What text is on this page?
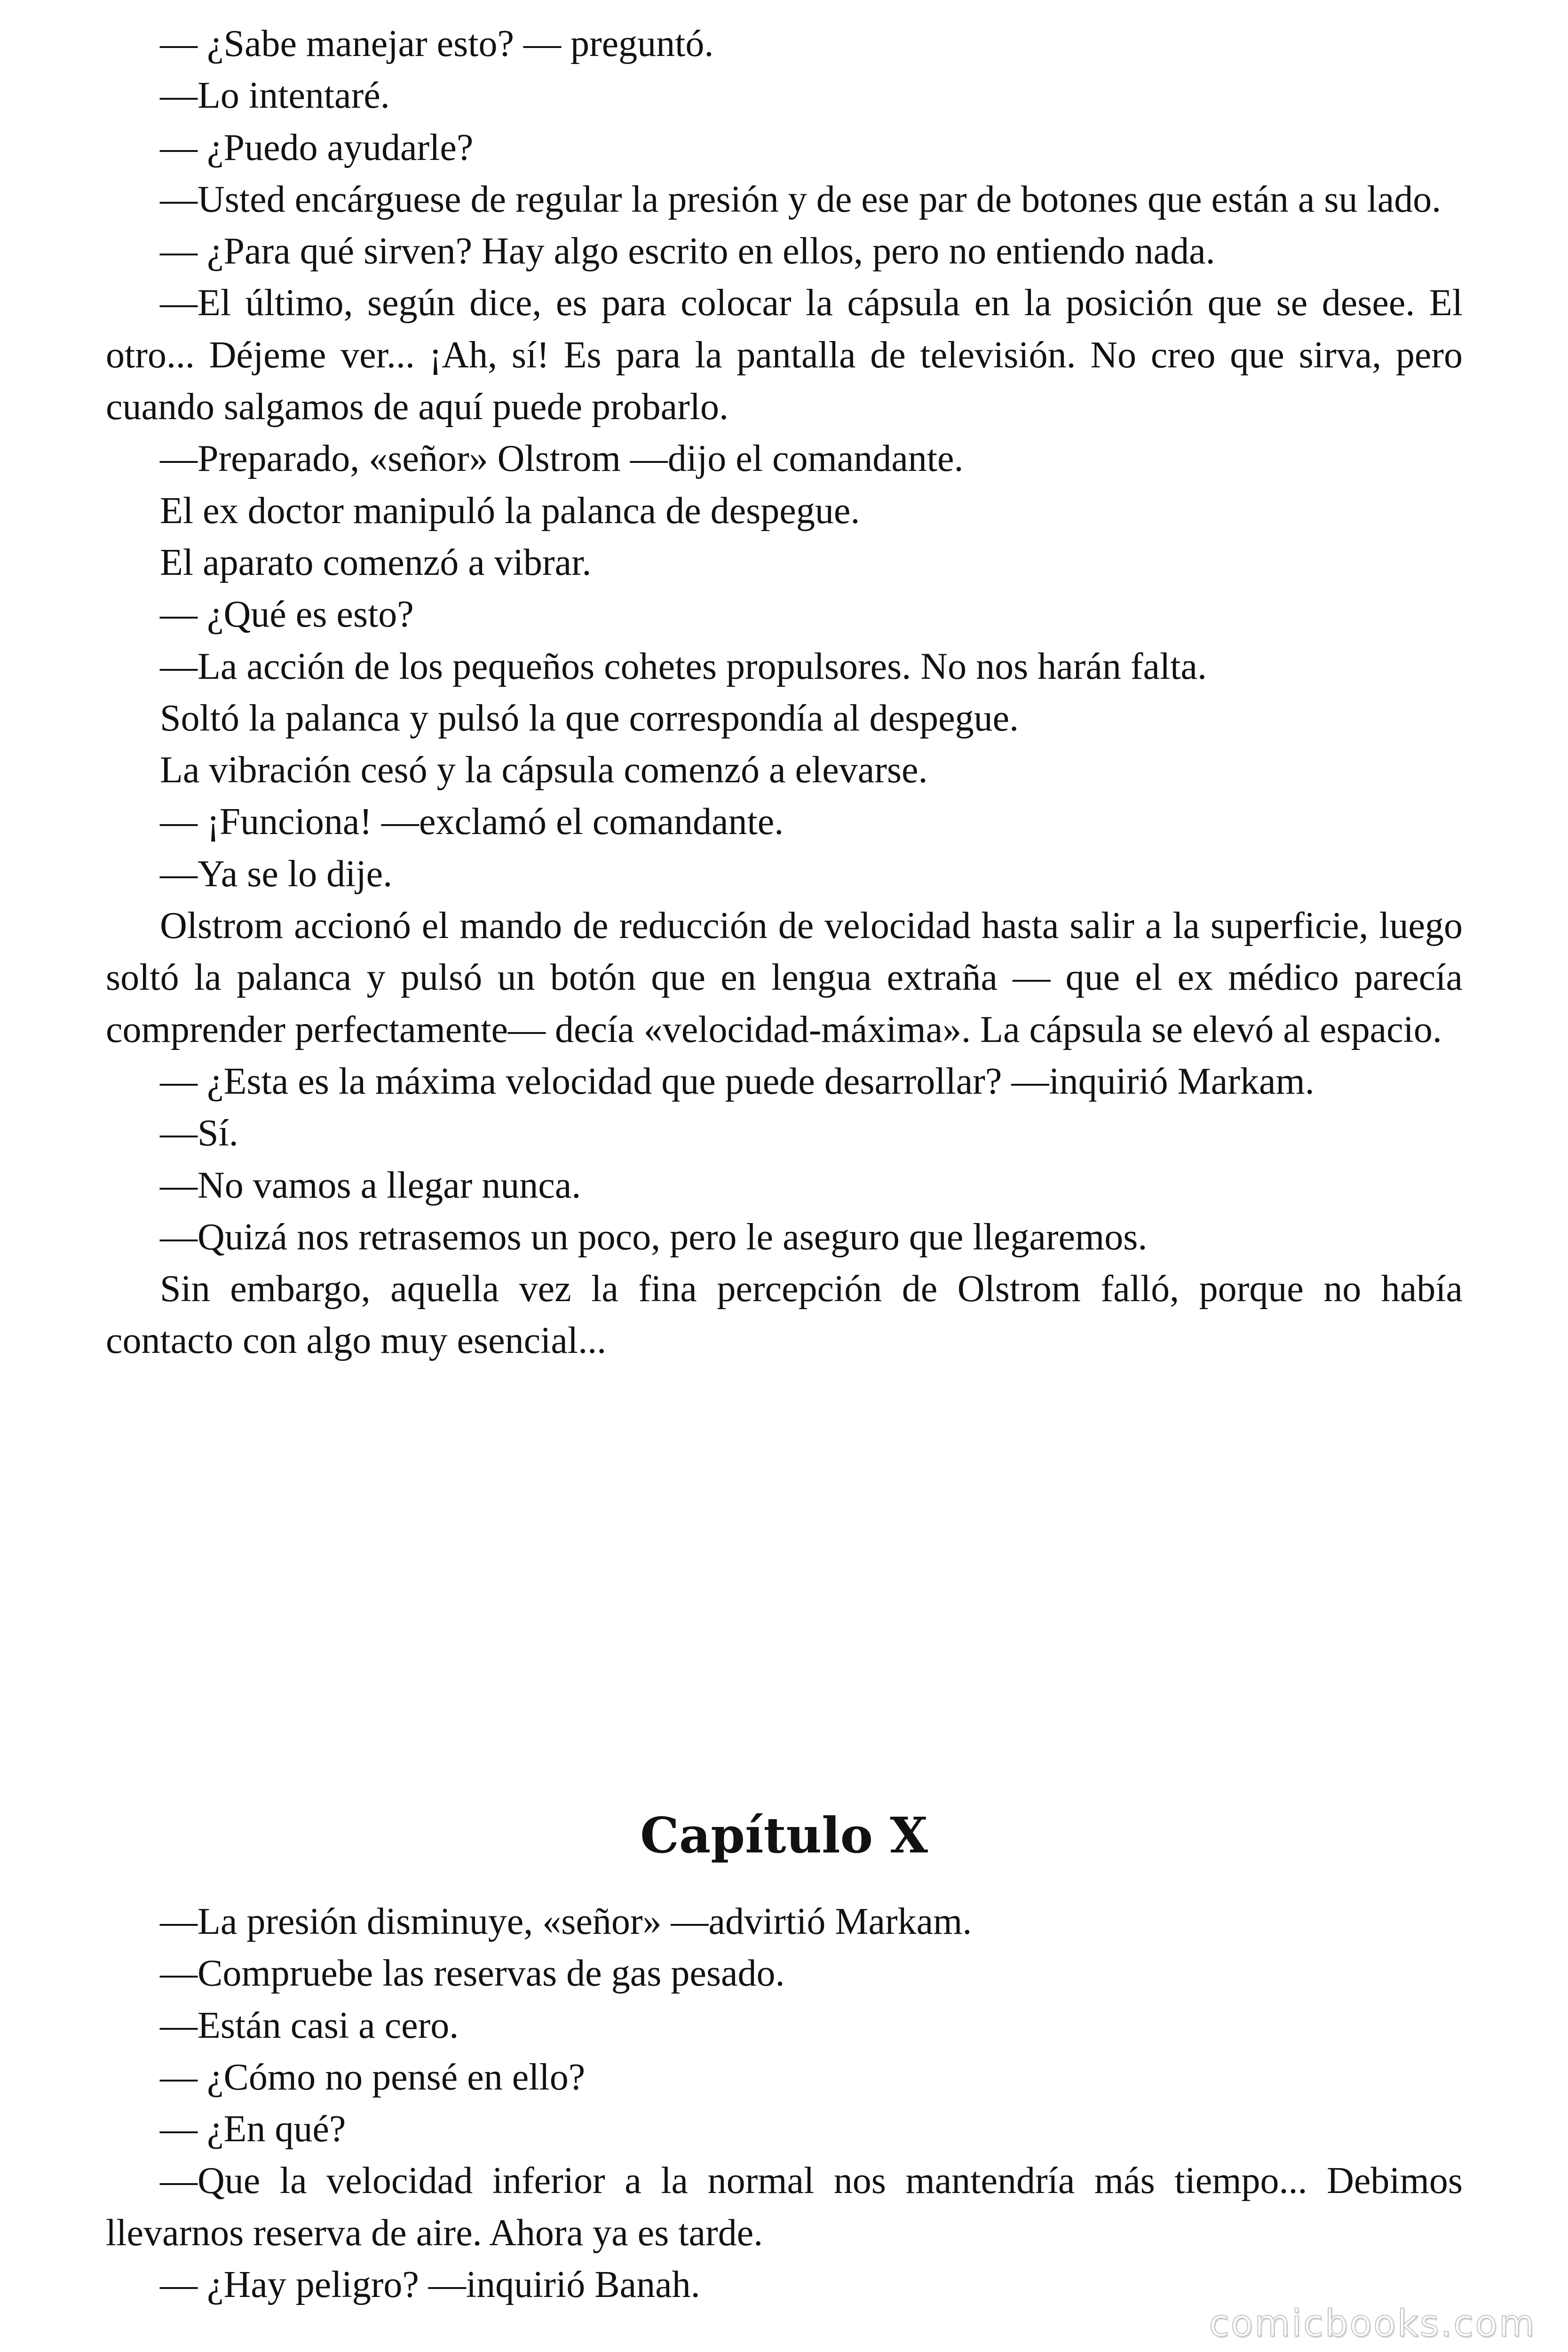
— ¿Sabe manejar esto? — preguntó.

—Lo intentaré.

— ¿Puedo ayudarle?

—Usted encárguese de regular la presión y de ese par de botones que están a su lado.

— ¿Para qué sirven? Hay algo escrito en ellos, pero no entiendo nada.

—El último, según dice, es para colocar la cápsula en la posición que se desee. El otro... Déjeme ver... ¡Ah, sí! Es para la pantalla de televisión. No creo que sirva, pero cuando salgamos de aquí puede probarlo.

—Preparado, «señor» Olstrom —dijo el comandante.

El ex doctor manipuló la palanca de despegue.

El aparato comenzó a vibrar.

— ¿Qué es esto?

—La acción de los pequeños cohetes propulsores. No nos harán falta.

Soltó la palanca y pulsó la que correspondía al despegue.

La vibración cesó y la cápsula comenzó a elevarse.

— ¡Funciona! —exclamó el comandante.

—Ya se lo dije.

Olstrom accionó el mando de reducción de velocidad hasta salir a la superficie, luego soltó la palanca y pulsó un botón que en lengua extraña — que el ex médico parecía comprender perfectamente— decía «velocidad-máxima». La cápsula se elevó al espacio.

— ¿Esta es la máxima velocidad que puede desarrollar? —inquirió Markam.

—Sí.

—No vamos a llegar nunca.

—Quizá nos retrasemos un poco, pero le aseguro que llegaremos.

Sin embargo, aquella vez la fina percepción de Olstrom falló, porque no había contacto con algo muy esencial...

Capítulo X

—La presión disminuye, «señor» —advirtió Markam.

—Compruebe las reservas de gas pesado.

—Están casi a cero.

— ¿Cómo no pensé en ello?

— ¿En qué?

—Que la velocidad inferior a la normal nos mantendría más tiempo... Debimos llevarnos reserva de aire. Ahora ya es tarde.

— ¿Hay peligro? —inquirió Banah.

comicbooks.com
